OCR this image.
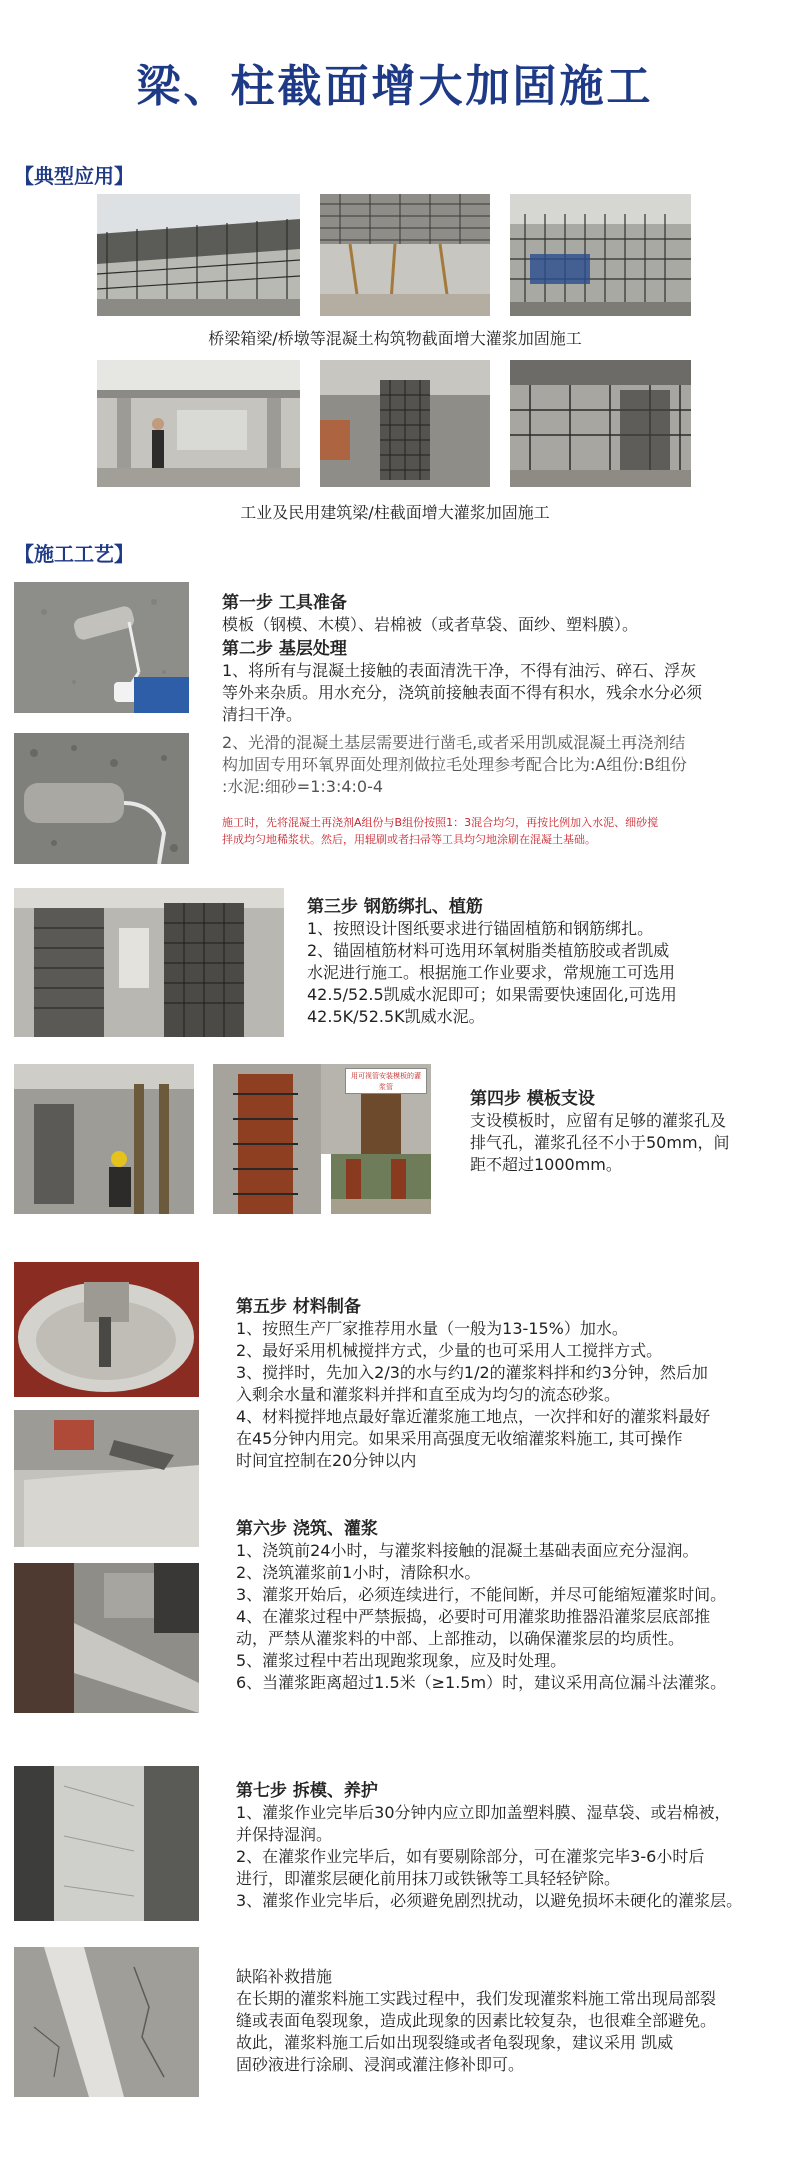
梁、柱截面增大加固施工
【典型应用】
桥梁箱梁/桥墩等混凝土构筑物截面增大灌浆加固施工
工业及民用建筑梁/柱截面增大灌浆加固施工
【施工工艺】
第一步 工具准备
模板（钢模、木模）、岩棉被（或者草袋、面纱、塑料膜）。
第二步 基层处理
1、将所有与混凝土接触的表面清洗干净，不得有油污、碎石、浮灰
等外来杂质。用水充分，浇筑前接触表面不得有积水，残余水分必须
清扫干净。
2、光滑的混凝土基层需要进行凿毛,或者采用凯威混凝土再浇剂结
构加固专用环氧界面处理剂做拉毛处理参考配合比为:A组份:B组份
:水泥:细砂=1:3:4:0-4
施工时，先将混凝土再浇剂A组份与B组份按照1：3混合均匀，再按比例加入水泥、细砂搅
拌成均匀地稀浆状。然后，用辊刷或者扫帚等工具均匀地涂刷在混凝土基础。
第三步 钢筋绑扎、植筋
1、按照设计图纸要求进行锚固植筋和钢筋绑扎。
2、锚固植筋材料可选用环氧树脂类植筋胶或者凯威
水泥进行施工。根据施工作业要求，常规施工可选用
42.5/52.5凯威水泥即可；如果需要快速固化,可选用
42.5K/52.5K凯威水泥。
用可视管安装模板的灌浆管
第四步 模板支设
支设模板时，应留有足够的灌浆孔及
排气孔，灌浆孔径不小于50mm，间
距不超过1000mm。
第五步 材料制备
1、按照生产厂家推荐用水量（一般为13-15%）加水。
2、最好采用机械搅拌方式，少量的也可采用人工搅拌方式。
3、搅拌时，先加入2/3的水与约1/2的灌浆料拌和约3分钟，然后加
入剩余水量和灌浆料并拌和直至成为均匀的流态砂浆。
4、材料搅拌地点最好靠近灌浆施工地点，一次拌和好的灌浆料最好
在45分钟内用完。如果采用高强度无收缩灌浆料施工, 其可操作
时间宜控制在20分钟以内
第六步 浇筑、灌浆
1、浇筑前24小时，与灌浆料接触的混凝土基础表面应充分湿润。
2、浇筑灌浆前1小时，清除积水。
3、灌浆开始后，必须连续进行，不能间断，并尽可能缩短灌浆时间。
4、在灌浆过程中严禁振捣，必要时可用灌浆助推器沿灌浆层底部推
动，严禁从灌浆料的中部、上部推动，以确保灌浆层的均质性。
5、灌浆过程中若出现跑浆现象，应及时处理。
6、当灌浆距离超过1.5米（≥1.5m）时，建议采用高位漏斗法灌浆。
第七步 拆模、养护
1、灌浆作业完毕后30分钟内应立即加盖塑料膜、湿草袋、或岩棉被，
并保持湿润。
2、在灌浆作业完毕后，如有要剔除部分，可在灌浆完毕3-6小时后
进行，即灌浆层硬化前用抹刀或铁锹等工具轻轻铲除。
3、灌浆作业完毕后，必须避免剧烈扰动，以避免损坏未硬化的灌浆层。
缺陷补救措施
在长期的灌浆料施工实践过程中，我们发现灌浆料施工常出现局部裂
缝或表面龟裂现象，造成此现象的因素比较复杂，也很难全部避免。
故此，灌浆料施工后如出现裂缝或者龟裂现象，建议采用 凯威
固砂液进行涂刷、浸润或灌注修补即可。
